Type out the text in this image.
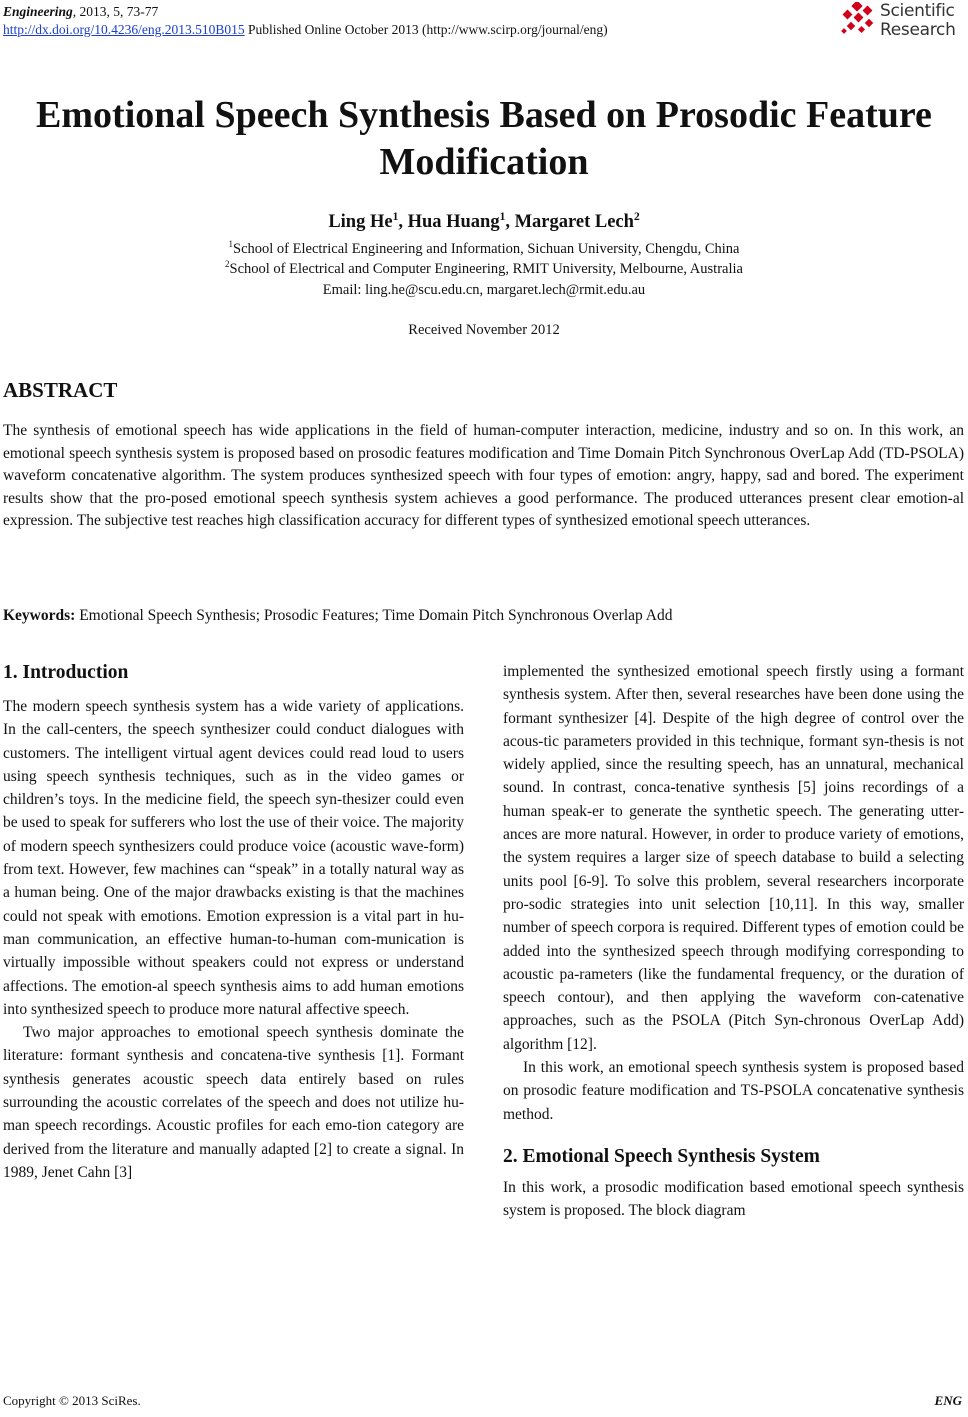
Engineering, 2013, 5, 73-77
http://dx.doi.org/10.4236/eng.2013.510B015 Published Online October 2013 (http://www.scirp.org/journal/eng)
Scientific
Research
Emotional Speech Synthesis Based on Prosodic Feature
Modification
Ling He$^1$, Hua Huang$^1$, Margaret Lech$^2$
$^1$School of Electrical Engineering and Information, Sichuan University, Chengdu, China
$^2$School of Electrical and Computer Engineering, RMIT University, Melbourne, Australia
Email: ling.he@scu.edu.cn, margaret.lech@rmit.edu.au
Received November 2012
ABSTRACT

The synthesis of emotional speech has wide applications in the field of human-computer interaction, medicine, industry and so on. In this work, an emotional speech synthesis system is proposed based on prosodic features modification and Time Domain Pitch Synchronous OverLap Add (TD-PSOLA) waveform concatenative algorithm. The system produces synthesized speech with four types of emotion: angry, happy, sad and bored. The experiment results show that the pro-posed emotional speech synthesis system achieves a good performance. The produced utterances present clear emotion-al expression. The subjective test reaches high classification accuracy for different types of synthesized emotional speech utterances.

Keywords: Emotional Speech Synthesis; Prosodic Features; Time Domain Pitch Synchronous Overlap Add
1. Introduction

The modern speech synthesis system has a wide variety of applications. In the call-centers, the speech synthesizer could conduct dialogues with customers. The intelligent virtual agent devices could read loud to users using speech synthesis techniques, such as in the video games or children’s toys. In the medicine field, the speech syn-thesizer could even be used to speak for sufferers who lost the use of their voice. The majority of modern speech synthesizers could produce voice (acoustic wave-form) from text. However, few machines can “speak” in a totally natural way as a human being. One of the major drawbacks existing is that the machines could not speak with emotions. Emotion expression is a vital part in hu-man communication, an effective human-to-human com-munication is virtually impossible without speakers could not express or understand affections. The emotion-al speech synthesis aims to add human emotions into synthesized speech to produce more natural affective speech.

Two major approaches to emotional speech synthesis dominate the literature: formant synthesis and concatena-tive synthesis [1]. Formant synthesis generates acoustic speech data entirely based on rules surrounding the acoustic correlates of the speech and does not utilize hu-man speech recordings. Acoustic profiles for each emo-tion category are derived from the literature and manually adapted [2] to create a signal. In 1989, Jenet Cahn [3]

implemented the synthesized emotional speech firstly using a formant synthesis system. After then, several researches have been done using the formant synthesizer [4]. Despite of the high degree of control over the acous-tic parameters provided in this technique, formant syn-thesis is not widely applied, since the resulting speech, has an unnatural, mechanical sound. In contrast, conca-tenative synthesis [5] joins recordings of a human speak-er to generate the synthetic speech. The generating utter-ances are more natural. However, in order to produce variety of emotions, the system requires a larger size of speech database to build a selecting units pool [6-9]. To solve this problem, several researchers incorporate pro-sodic strategies into unit selection [10,11]. In this way, smaller number of speech corpora is required. Different types of emotion could be added into the synthesized speech through modifying corresponding to acoustic pa-rameters (like the fundamental frequency, or the duration of speech contour), and then applying the waveform con-catenative approaches, such as the PSOLA (Pitch Syn-chronous OverLap Add) algorithm [12].

In this work, an emotional speech synthesis system is proposed based on prosodic feature modification and TS-PSOLA concatenative synthesis method.

2. Emotional Speech Synthesis System

In this work, a prosodic modification based emotional speech synthesis system is proposed. The block diagram

Copyright © 2013 SciRes.	ENG
